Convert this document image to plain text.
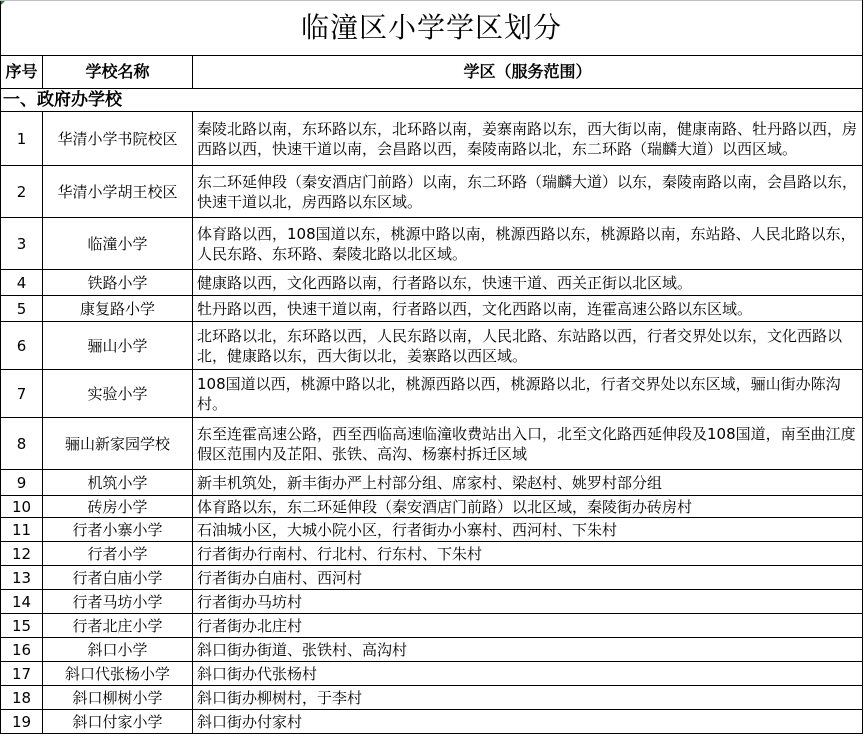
临潼区小学学区划分		
序号	学校名称	学区（服务范围）
一、政府办学校		
1	华清小学书院校区	秦陵北路以南，东环路以东，北环路以南，姜寨南路以东，西大街以南，健康南路、牡丹路以西，房西路以西，快速干道以南，会昌路以西，秦陵南路以北，东二环路（瑞麟大道）以西区域。
2	华清小学胡王校区	东二环延伸段（秦安酒店门前路）以南，东二环路（瑞麟大道）以东，秦陵南路以南，会昌路以东，快速干道以北，房西路以东区域。
3	临潼小学	体育路以西，108国道以东，桃源中路以南，桃源西路以东，桃源路以南，东站路、人民北路以东，人民东路、东环路、秦陵北路以北区域。
4	铁路小学	健康路以西，文化西路以南，行者路以东，快速干道、西关正街以北区域。
5	康复路小学	牡丹路以西，快速干道以南，行者路以西，文化西路以南，连霍高速公路以东区域。
6	骊山小学	北环路以北，东环路以西，人民东路以南，人民北路、东站路以西，行者交界处以东，文化西路以北，健康路以东，西大街以北，姜寨路以西区域。
7	实验小学	108国道以西，桃源中路以北，桃源西路以西，桃源路以北，行者交界处以东区域，骊山街办陈沟村。
8	骊山新家园学校	东至连霍高速公路，西至西临高速临潼收费站出入口，北至文化路西延伸段及108国道，南至曲江度假区范围内及芷阳、张铁、高沟、杨寨村拆迁区域
9	机筑小学	新丰机筑处，新丰街办严上村部分组、席家村、梁赵村、姚罗村部分组
10	砖房小学	体育路以东，东二环延伸段（秦安酒店门前路）以北区域，秦陵街办砖房村
11	行者小寨小学	石油城小区，大城小院小区，行者街办小寨村、西河村、下朱村
12	行者小学	行者街办行南村、行北村、行东村、下朱村
13	行者白庙小学	行者街办白庙村、西河村
14	行者马坊小学	行者街办马坊村
15	行者北庄小学	行者街办北庄村
16	斜口小学	斜口街办街道、张铁村、高沟村
17	斜口代张杨小学	斜口街办代张杨村
18	斜口柳树小学	斜口街办柳树村，于李村
19	斜口付家小学	斜口街办付家村
